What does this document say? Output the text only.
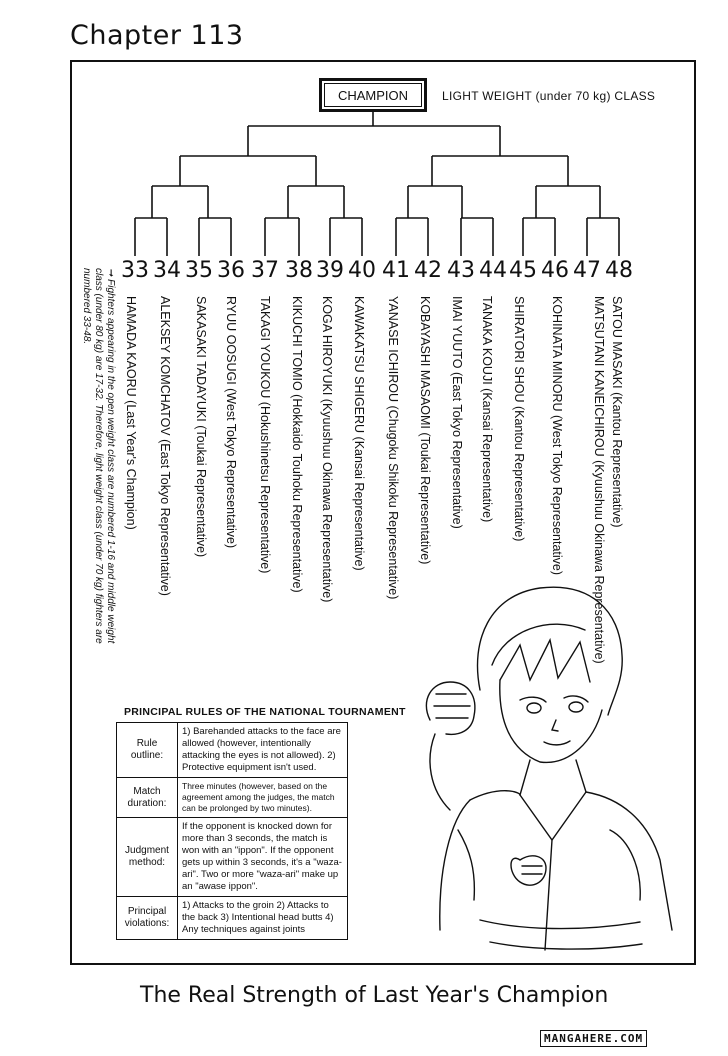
Chapter 113
CHAMPION	LIGHT WEIGHT (under 70 kg) CLASS
33 34 35 36 37 38 39 40 41 42 43 44 45 46 47 48
➞ Fighters appearing in the open weight class are numbered 1-16 and middle weight class (under 80 kg) are 17-32. Therefore, light weight class (under 70 kg) fighters are numbered 33-48.	SATOU MASAKI (Kantou Representative)
MATSUTANI KANEICHIROU (Kyuushuu Okinawa Representative)
KOHINATA MINORU (West Tokyo Representative)
SHIRATORI SHOU (Kantou Representative)
TANAKA KOUJI (Kansai Representative)
IMAI YUUTO (East Tokyo Representative)
KOBAYASHI MASAOMI (Toukai Representative)
YANASE ICHIROU (Chugoku Shikoku Representative)
KAWAKATSU SHIGERU (Kansai Representative)
KOGA HIROYUKI (Kyuushuu Okinawa Representative)
KIKUCHI TOMIO (Hokkaido Touhoku Representative)
TAKAGI YOUKOU (Hokushinetsu Representative)
RYUU OOSUGI (West Tokyo Representative)
SAKASAKI TADAYUKI (Toukai Representative)
ALEKSEY KOMCHATOV (East Tokyo Representative)
HAMADA KAORU (Last Year's Champion)
PRINCIPAL RULES OF THE NATIONAL TOURNAMENT
Rule outline:	1) Barehanded attacks to the face are allowed (however, intentionally attacking the eyes is not allowed). 2) Protective equipment isn't used.
Match duration:	Three minutes (however, based on the agreement among the judges, the match can be prolonged by two minutes).
Judgment method:	If the opponent is knocked down for more than 3 seconds, the match is won with an "ippon". If the opponent gets up within 3 seconds, it's a "waza-ari". Two or more "waza-ari" make up an "awase ippon".
Principal violations:	1) Attacks to the groin 2) Attacks to the back 3) Intentional head butts 4) Any techniques against joints
The Real Strength of Last Year's Champion
MANGAHERE.COM
